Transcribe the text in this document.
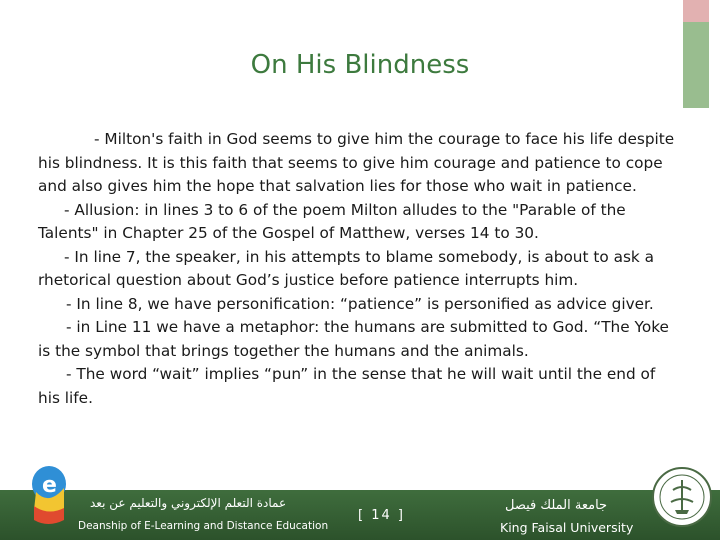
On His Blindness

- Milton's faith in God seems to give him the courage to face his life despite his blindness. It is this faith that seems to give him courage and patience to cope and also gives him the hope that salvation lies for those who wait in patience.

- Allusion: in lines 3 to 6 of the poem Milton alludes to the "Parable of the Talents" in Chapter 25 of the Gospel of Matthew, verses 14 to 30.

- In line 7, the speaker, in his attempts to blame somebody, is about to ask a rhetorical question about God’s justice before patience interrupts him.

- In line 8, we have personification: “patience” is personified as advice giver.

- in Line 11 we have a metaphor: the humans are submitted to God. “The Yoke is the symbol that brings together the humans and the animals.

- The word “wait” implies “pun” in the sense that he will wait until the end of his life.

e
عمادة التعلم الإلكتروني والتعليم عن بعد
Deanship of E-Learning and Distance Education
[ 14 ]
جامعة الملك فيصل
King Faisal University
